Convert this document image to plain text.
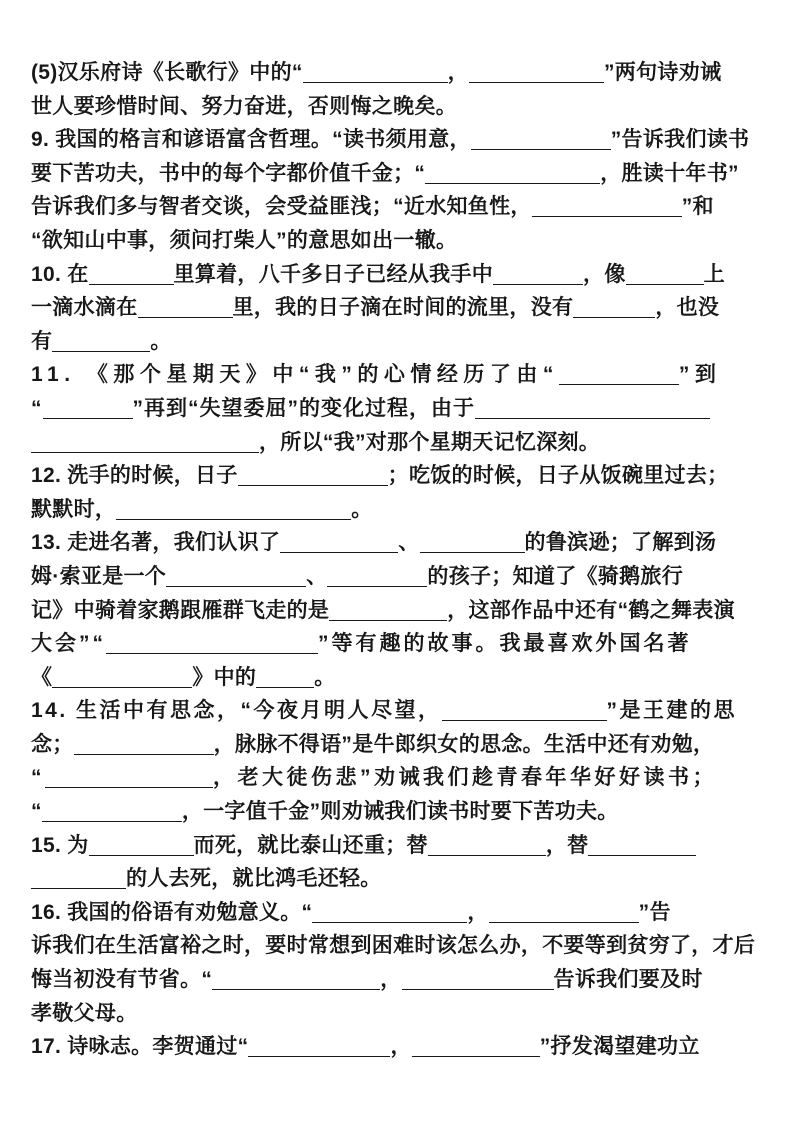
(5)汉乐府诗《长歌行》中的“	，	”两句诗劝诫
世人要珍惜时间、努力奋进，否则悔之晚矣。
9. 我国的格言和谚语富含哲理。“读书须用意，	”告诉我们读书
要下苦功夫，书中的每个字都价值千金；“	，胜读十年书”
告诉我们多与智者交谈，会受益匪浅；“近水知鱼性，	”和
“欲知山中事，须问打柴人”的意思如出一辙。
10. 在	里算着，八千多日子已经从我手中	，像	上
一滴水滴在	里，我的日子滴在时间的流里，没有	，也没
有	。
11. 《那个星期天》中“我”的心情经历了由“	”到
“	”再到“失望委屈”的变化过程，由于
，所以“我”对那个星期天记忆深刻。
12. 洗手的时候，日子	；吃饭的时候，日子从饭碗里过去；
默默时，	。
13. 走进名著，我们认识了	、	的鲁滨逊；了解到汤
姆·索亚是一个	、	的孩子；知道了《骑鹅旅行
记》中骑着家鹅跟雁群飞走的是	，这部作品中还有“鹤之舞表演
大会”“	”等有趣的故事。我最喜欢外国名著
《	》中的	。
14. 生活中有思念，“今夜月明人尽望，	”是王建的思
念；	，脉脉不得语”是牛郎织女的思念。生活中还有劝勉，
“	，老大徒伤悲”劝诫我们趁青春年华好好读书；
“	，一字值千金”则劝诫我们读书时要下苦功夫。
15. 为	而死，就比泰山还重；替	，替
的人去死，就比鸿毛还轻。
16. 我国的俗语有劝勉意义。“	，	”告
诉我们在生活富裕之时，要时常想到困难时该怎么办，不要等到贫穷了，才后
悔当初没有节省。“	，	告诉我们要及时
孝敬父母。
17. 诗咏志。李贺通过“	，	”抒发渴望建功立
